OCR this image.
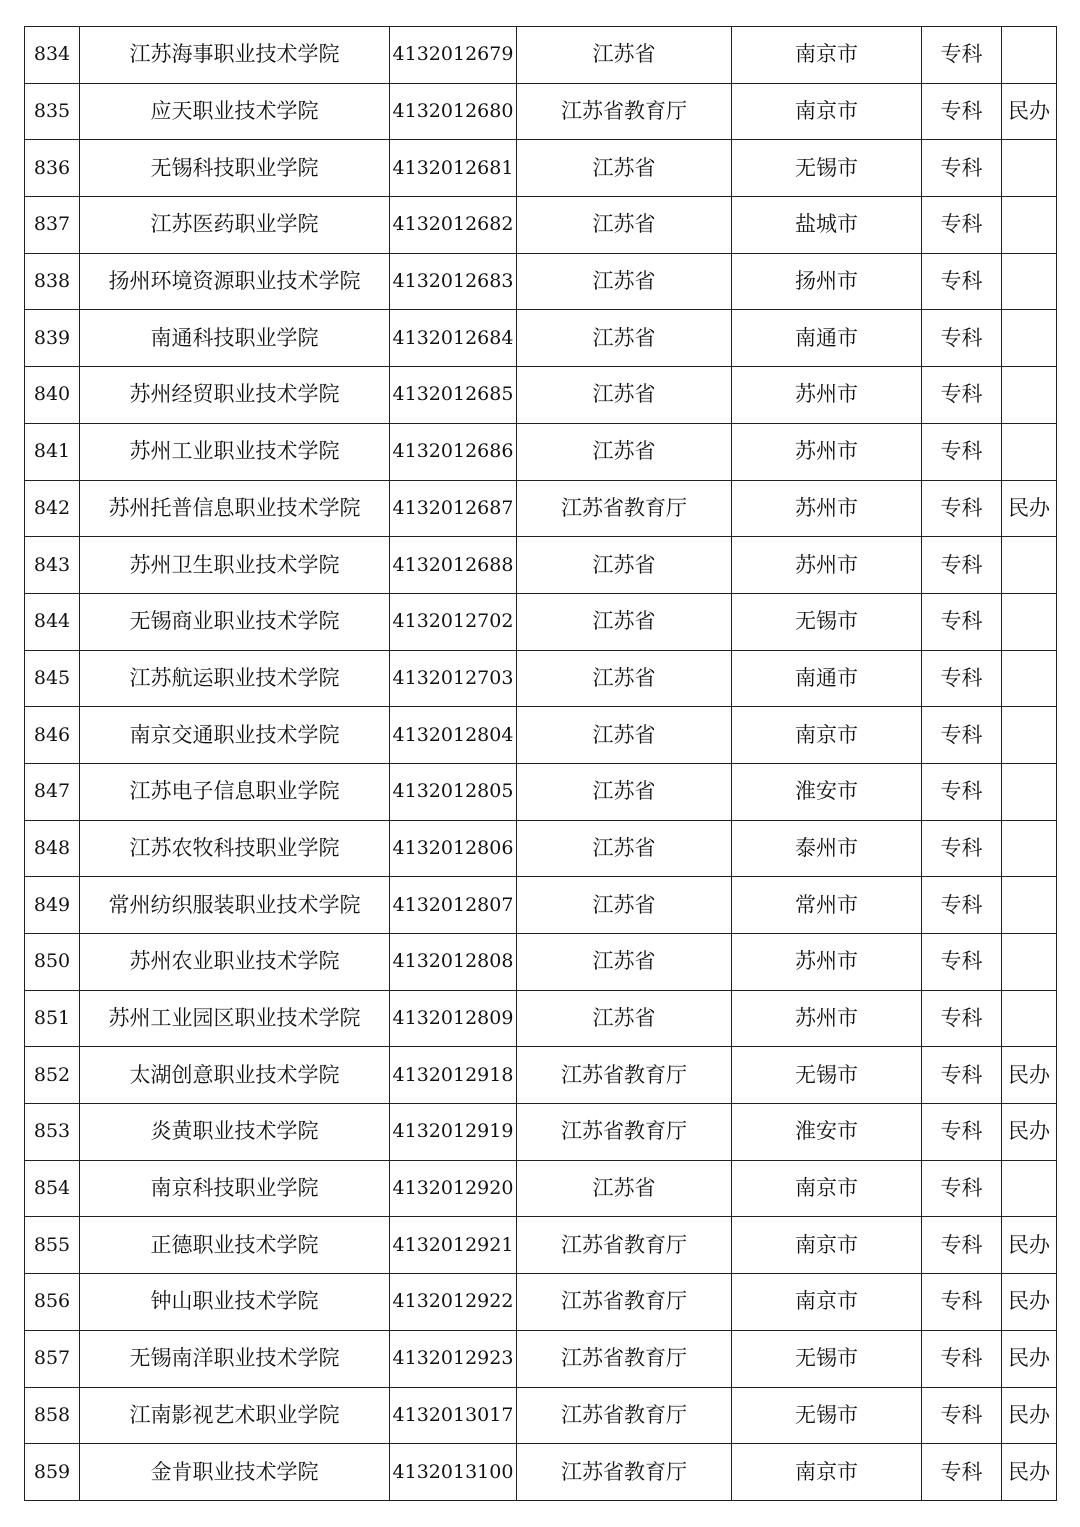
834	江苏海事职业技术学院	4132012679	江苏省	南京市	专科	
835	应天职业技术学院	4132012680	江苏省教育厅	南京市	专科	民办
836	无锡科技职业学院	4132012681	江苏省	无锡市	专科	
837	江苏医药职业学院	4132012682	江苏省	盐城市	专科	
838	扬州环境资源职业技术学院	4132012683	江苏省	扬州市	专科	
839	南通科技职业学院	4132012684	江苏省	南通市	专科	
840	苏州经贸职业技术学院	4132012685	江苏省	苏州市	专科	
841	苏州工业职业技术学院	4132012686	江苏省	苏州市	专科	
842	苏州托普信息职业技术学院	4132012687	江苏省教育厅	苏州市	专科	民办
843	苏州卫生职业技术学院	4132012688	江苏省	苏州市	专科	
844	无锡商业职业技术学院	4132012702	江苏省	无锡市	专科	
845	江苏航运职业技术学院	4132012703	江苏省	南通市	专科	
846	南京交通职业技术学院	4132012804	江苏省	南京市	专科	
847	江苏电子信息职业学院	4132012805	江苏省	淮安市	专科	
848	江苏农牧科技职业学院	4132012806	江苏省	泰州市	专科	
849	常州纺织服装职业技术学院	4132012807	江苏省	常州市	专科	
850	苏州农业职业技术学院	4132012808	江苏省	苏州市	专科	
851	苏州工业园区职业技术学院	4132012809	江苏省	苏州市	专科	
852	太湖创意职业技术学院	4132012918	江苏省教育厅	无锡市	专科	民办
853	炎黄职业技术学院	4132012919	江苏省教育厅	淮安市	专科	民办
854	南京科技职业学院	4132012920	江苏省	南京市	专科	
855	正德职业技术学院	4132012921	江苏省教育厅	南京市	专科	民办
856	钟山职业技术学院	4132012922	江苏省教育厅	南京市	专科	民办
857	无锡南洋职业技术学院	4132012923	江苏省教育厅	无锡市	专科	民办
858	江南影视艺术职业学院	4132013017	江苏省教育厅	无锡市	专科	民办
859	金肯职业技术学院	4132013100	江苏省教育厅	南京市	专科	民办
